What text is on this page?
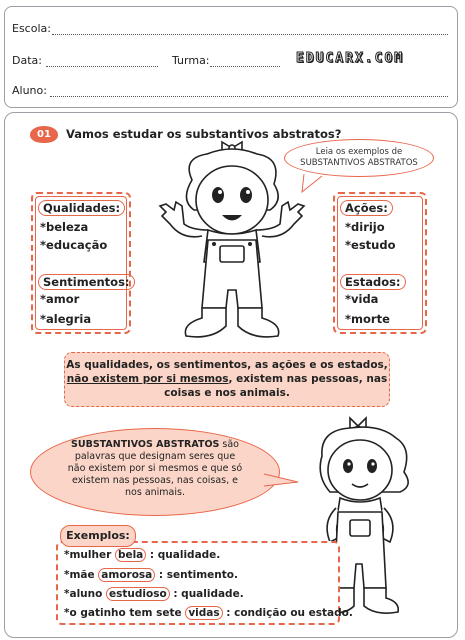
Escola:
Data:	Turma:	EDUCARX.COM
Aluno:
01	Vamos estudar os substantivos abstratos?
Leia os exemplos de
SUBSTANTIVOS ABSTRATOS
Qualidades:
*beleza
*educação
Sentimentos:
*amor
*alegria
Ações:
*dirijo
*estudo
Estados:
*vida
*morte
As qualidades, os sentimentos, as ações e os estados,
não existem por si mesmos, existem nas pessoas, nas
coisas e nos animais.
SUBSTANTIVOS ABSTRATOS são
palavras que designam seres que
não existem por si mesmos e que só
existem nas pessoas, nas coisas, e
nos animais.
Exemplos:
*mulher bela : qualidade.
*mãe amorosa : sentimento.
*aluno estudioso : qualidade.
*o gatinho tem sete vidas : condição ou estado.
